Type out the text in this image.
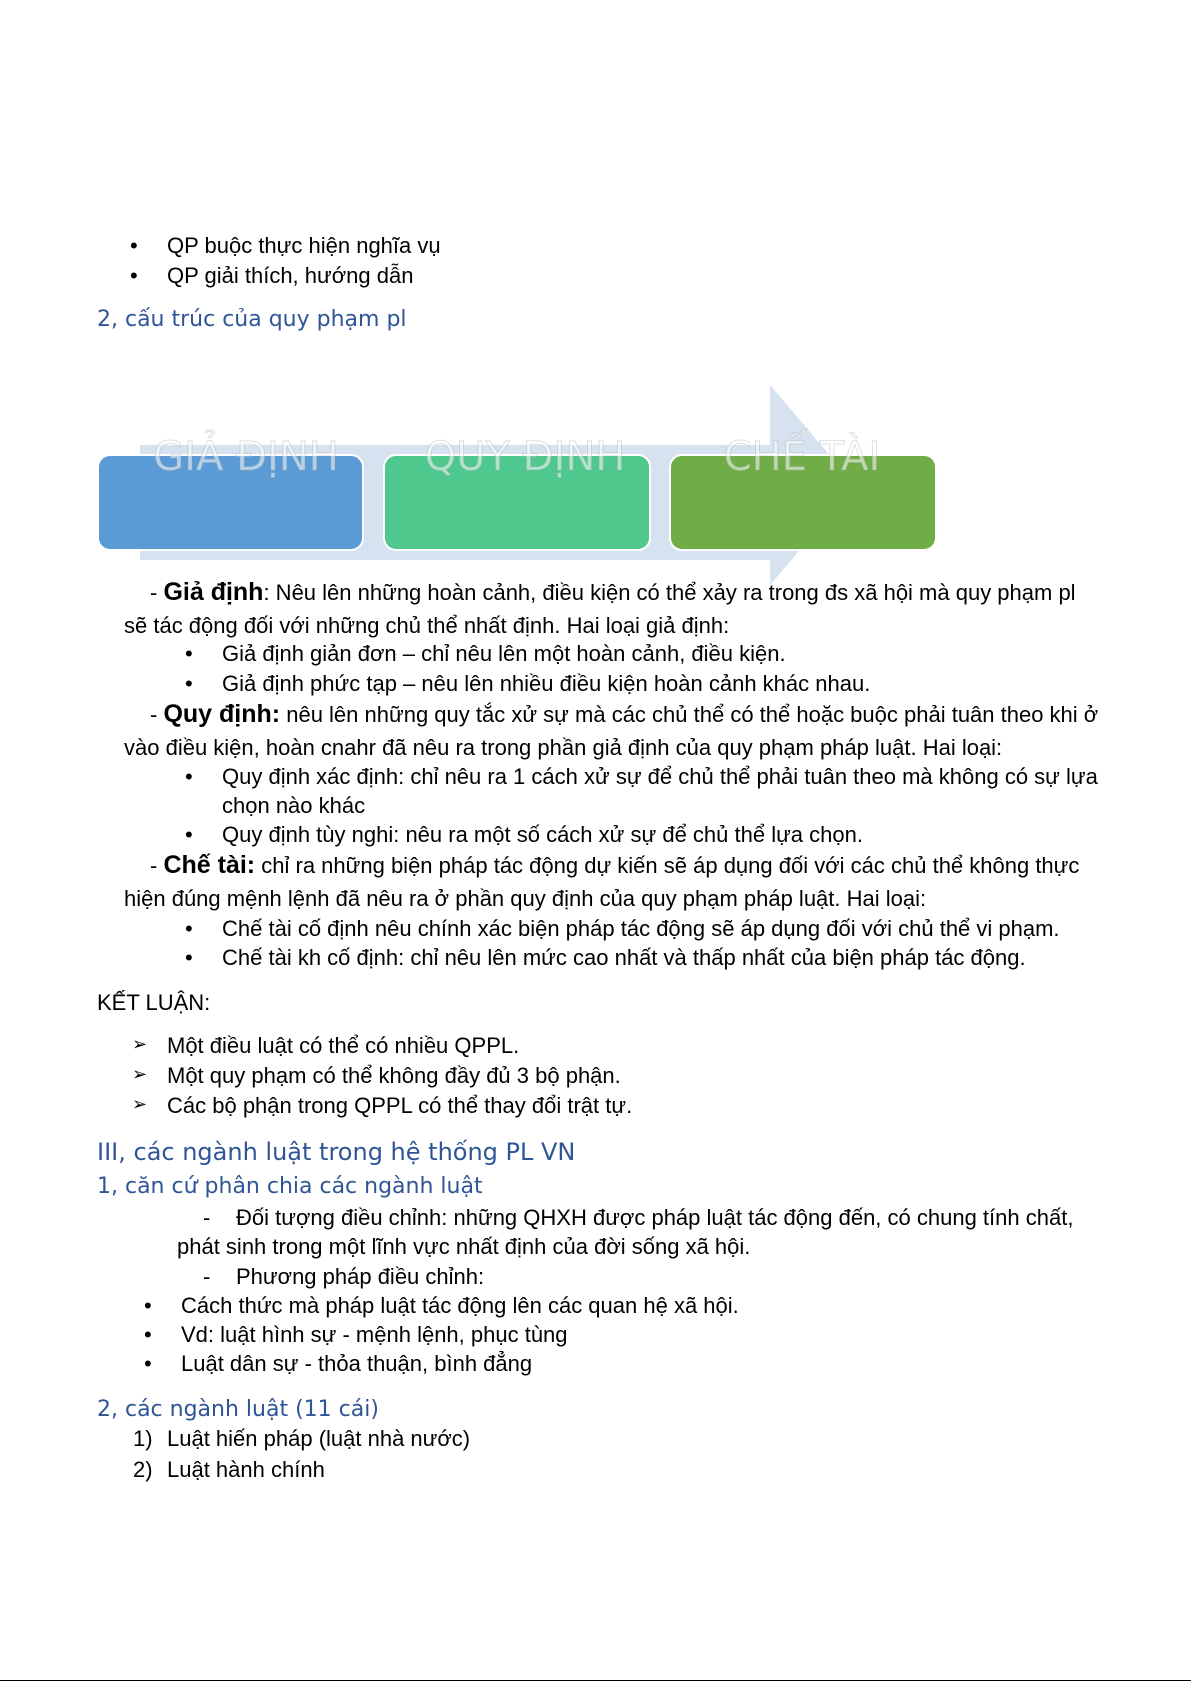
• QP buộc thực hiện nghĩa vụ
• QP giải thích, hướng dẫn
2, cấu trúc của quy phạm pl
GIẢ ĐỊNH QUY ĐỊNH CHẾ TÀI
- Giả định: Nêu lên những hoàn cảnh, điều kiện có thể xảy ra trong đs xã hội mà quy phạm pl
sẽ tác động đối với những chủ thể nhất định. Hai loại giả định:
• Giả định giản đơn – chỉ nêu lên một hoàn cảnh, điều kiện.
• Giả định phức tạp – nêu lên nhiều điều kiện hoàn cảnh khác nhau.
- Quy định: nêu lên những quy tắc xử sự mà các chủ thể có thể hoặc buộc phải tuân theo khi ở
vào điều kiện, hoàn cnahr đã nêu ra trong phần giả định của quy phạm pháp luật. Hai loại:
• Quy định xác định: chỉ nêu ra 1 cách xử sự để chủ thể phải tuân theo mà không có sự lựa
chọn nào khác
• Quy định tùy nghi: nêu ra một số cách xử sự để chủ thể lựa chọn.
- Chế tài: chỉ ra những biện pháp tác động dự kiến sẽ áp dụng đối với các chủ thể không thực
hiện đúng mệnh lệnh đã nêu ra ở phần quy định của quy phạm pháp luật. Hai loại:
• Chế tài cố định nêu chính xác biện pháp tác động sẽ áp dụng đối với chủ thể vi phạm.
• Chế tài kh cố định: chỉ nêu lên mức cao nhất và thấp nhất của biện pháp tác động.
KẾT LUẬN:
➢ Một điều luật có thể có nhiều QPPL.
➢ Một quy phạm có thể không đầy đủ 3 bộ phận.
➢ Các bộ phận trong QPPL có thể thay đổi trật tự.
III, các ngành luật trong hệ thống PL VN
1, căn cứ phân chia các ngành luật
- Đối tượng điều chỉnh: những QHXH được pháp luật tác động đến, có chung tính chất,
phát sinh trong một lĩnh vực nhất định của đời sống xã hội.
- Phương pháp điều chỉnh:
• Cách thức mà pháp luật tác động lên các quan hệ xã hội.
• Vd: luật hình sự - mệnh lệnh, phục tùng
• Luật dân sự - thỏa thuận, bình đẳng
2, các ngành luật (11 cái)
1) Luật hiến pháp (luật nhà nước)
2) Luật hành chính
